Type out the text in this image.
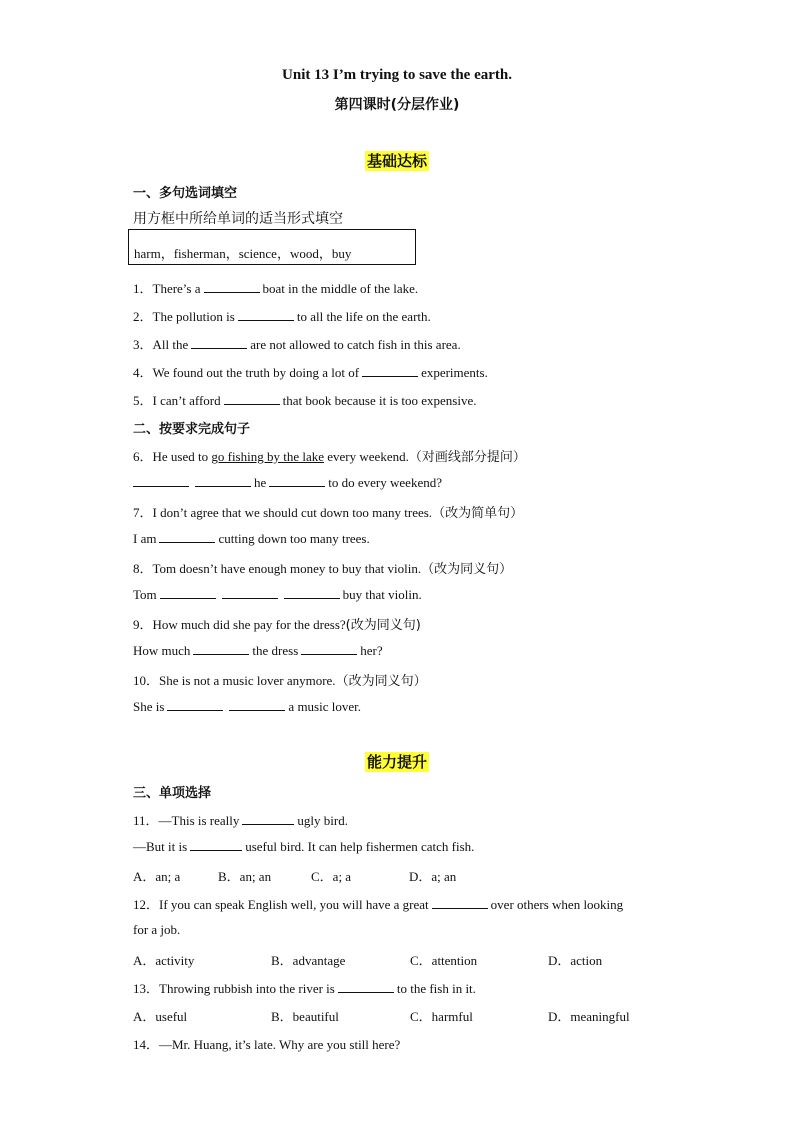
Unit 13 I’m trying to save the earth.
第四课时(分层作业)
基础达标
一、多句选词填空
用方框中所给单词的适当形式填空
harm，fisherman，science，wood，buy
1．There’s a	boat in the middle of the lake.
2．The pollution is	to all the life on the earth.
3．All the	are not allowed to catch fish in this area.
4．We found out the truth by doing a lot of	experiments.
5．I can’t afford	that book because it is too expensive.
二、按要求完成句子
6．He used to go fishing by the lake every weekend.（对画线部分提问）
he	to do every weekend?
7．I don’t agree that we should cut down too many trees.（改为简单句）
I am	cutting down too many trees.
8．Tom doesn’t have enough money to buy that violin.（改为同义句）
Tom	buy that violin.
9．How much did she pay for the dress?(改为同义句)
How much	the dress	her?
10．She is not a music lover anymore.（改为同义句）
She is	a music lover.
能力提升
三、单项选择
11．—This is really	ugly bird.
—But it is	useful bird. It can help fishermen catch fish.
A．an; a	B．an; an	C．a; a	D．a; an
12．If you can speak English well, you will have a great	over others when looking
for a job.
A．activity	B．advantage	C．attention	D．action
13．Throwing rubbish into the river is	to the fish in it.
A．useful	B．beautiful	C．harmful	D．meaningful
14．—Mr. Huang, it’s late. Why are you still here?
